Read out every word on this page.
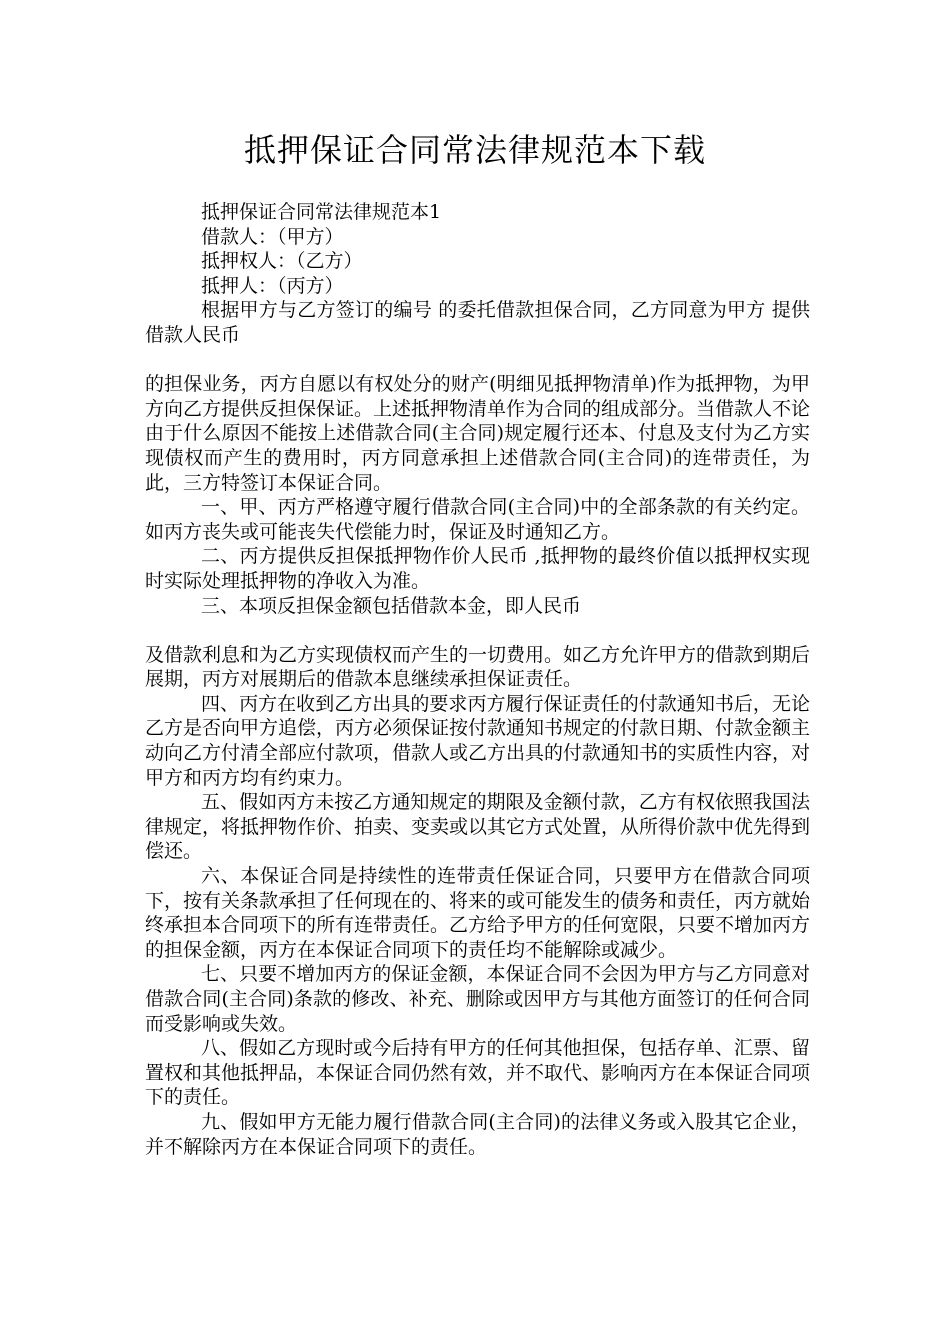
抵押保证合同常法律规范本下载

抵押保证合同常法律规范本1

借款人：（甲方）

抵押权人：（乙方）

抵押人：（丙方）

根据甲方与乙方签订的编号 的委托借款担保合同，乙方同意为甲方 提供借款人民币

的担保业务，丙方自愿以有权处分的财产(明细见抵押物清单)作为抵押物，为甲方向乙方提供反担保保证。上述抵押物清单作为合同的组成部分。当借款人不论由于什么原因不能按上述借款合同(主合同)规定履行还本、付息及支付为乙方实现债权而产生的费用时，丙方同意承担上述借款合同(主合同)的连带责任，为此，三方特签订本保证合同。

一、甲、丙方严格遵守履行借款合同(主合同)中的全部条款的有关约定。如丙方丧失或可能丧失代偿能力时，保证及时通知乙方。

二、丙方提供反担保抵押物作价人民币 ,抵押物的最终价值以抵押权实现时实际处理抵押物的净收入为准。

三、本项反担保金额包括借款本金，即人民币

及借款利息和为乙方实现债权而产生的一切费用。如乙方允许甲方的借款到期后展期，丙方对展期后的借款本息继续承担保证责任。

四、丙方在收到乙方出具的要求丙方履行保证责任的付款通知书后，无论乙方是否向甲方追偿，丙方必须保证按付款通知书规定的付款日期、付款金额主动向乙方付清全部应付款项，借款人或乙方出具的付款通知书的实质性内容，对甲方和丙方均有约束力。

五、假如丙方未按乙方通知规定的期限及金额付款，乙方有权依照我国法律规定，将抵押物作价、拍卖、变卖或以其它方式处置，从所得价款中优先得到偿还。

六、本保证合同是持续性的连带责任保证合同，只要甲方在借款合同项下，按有关条款承担了任何现在的、将来的或可能发生的债务和责任，丙方就始终承担本合同项下的所有连带责任。乙方给予甲方的任何宽限，只要不增加丙方的担保金额，丙方在本保证合同项下的责任均不能解除或减少。

七、只要不增加丙方的保证金额，本保证合同不会因为甲方与乙方同意对借款合同(主合同)条款的修改、补充、删除或因甲方与其他方面签订的任何合同而受影响或失效。

八、假如乙方现时或今后持有甲方的任何其他担保，包括存单、汇票、留置权和其他抵押品，本保证合同仍然有效，并不取代、影响丙方在本保证合同项下的责任。

九、假如甲方无能力履行借款合同(主合同)的法律义务或入股其它企业，并不解除丙方在本保证合同项下的责任。
